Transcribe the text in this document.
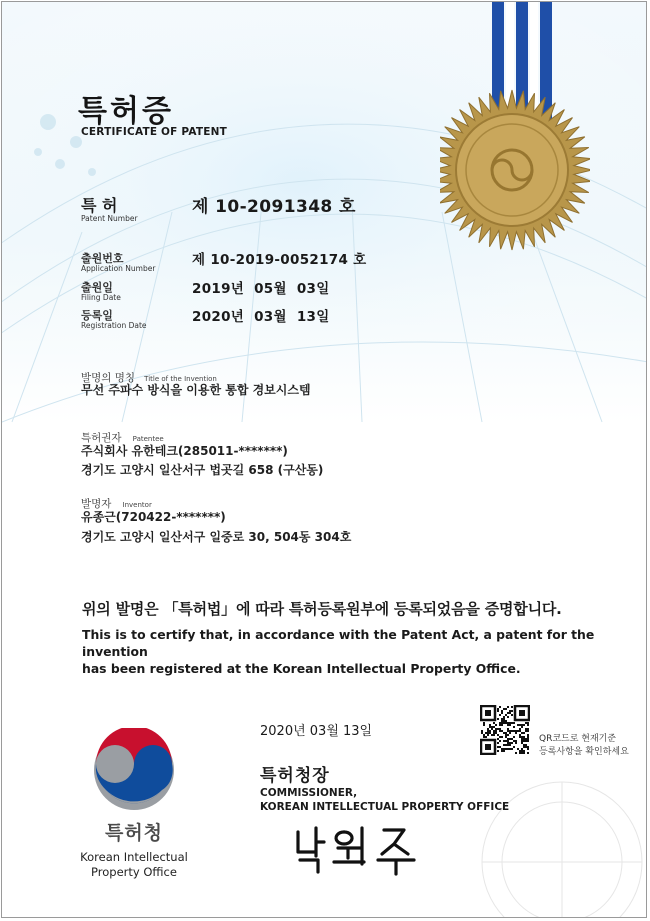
특허증
CERTIFICATE OF PATENT
특 허
Patent Number
제 10-2091348 호
출원번호
Application Number
제 10-2019-0052174 호
출원일
Filing Date
2019년  05월  03일
등록일
Registration Date
2020년  03월  13일
발명의 명칭 Title of the Invention
무선 주파수 방식을 이용한 통합 경보시스템
특허권자 Patentee
주식회사 유한테크(285011-*******)
경기도 고양시 일산서구 법곳길 658 (구산동)
발명자 Inventor
유종근(720422-*******)
경기도 고양시 일산서구 일중로 30, 504동 304호
위의 발명은 「특허법」에 따라 특허등록원부에 등록되었음을 증명합니다.
This is to certify that, in accordance with the Patent Act, a patent for the invention
has been registered at the Korean Intellectual Property Office.
2020년 03월 13일	QR코드로 현재기준
등록사항을 확인하세요
특허청장
COMMISSIONER,
KOREAN INTELLECTUAL PROPERTY OFFICE
특허청
Korean Intellectual
Property Office
